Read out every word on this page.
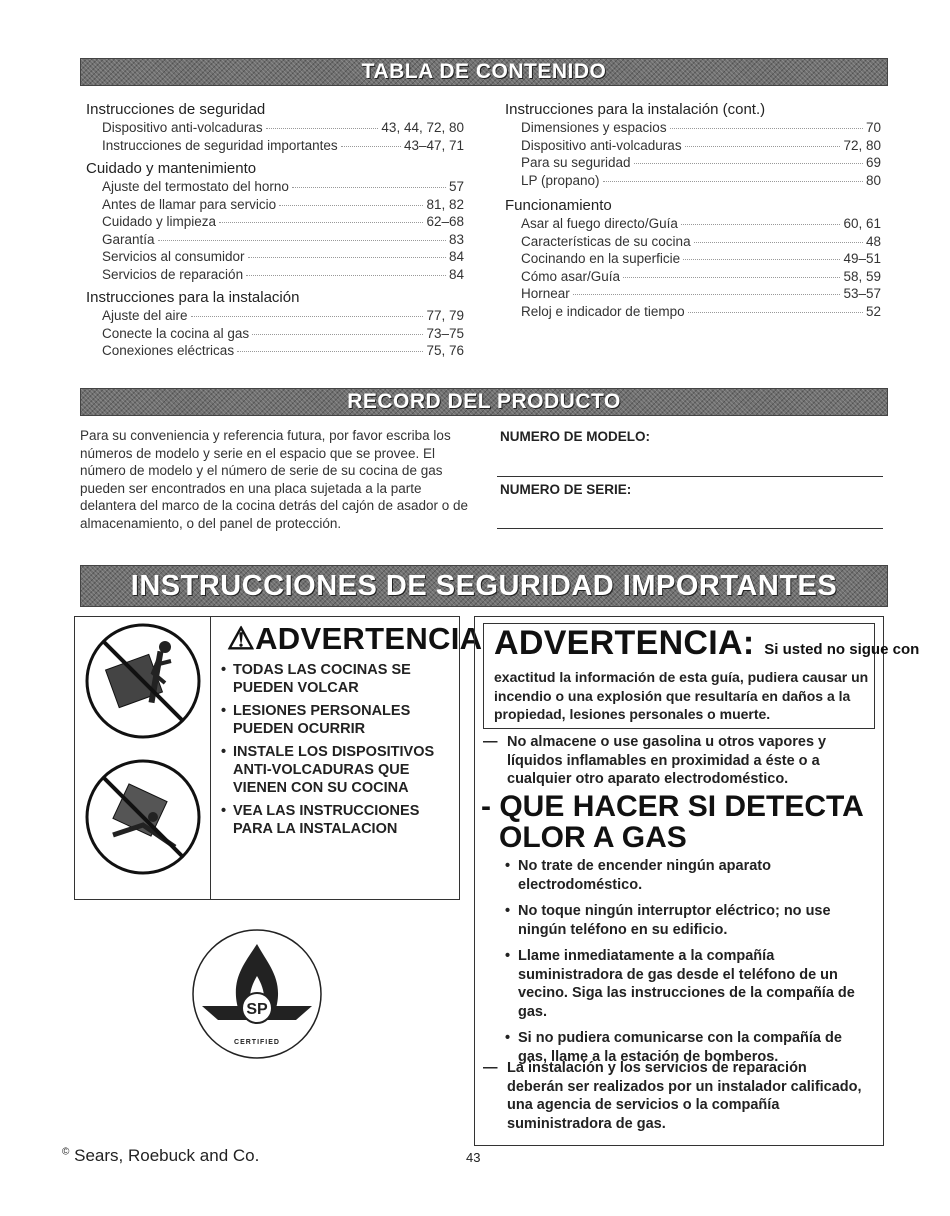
TABLA DE CONTENIDO
RECORD DEL PRODUCTO
INSTRUCCIONES DE SEGURIDAD IMPORTANTES
Instrucciones de seguridad
Dispositivo anti-volcaduras	43, 44, 72, 80
Instrucciones de seguridad importantes	43–47, 71
Cuidado y mantenimiento
Ajuste del termostato del horno	57
Antes de llamar para servicio	81, 82
Cuidado y limpieza	62–68
Garantía	83
Servicios al consumidor	84
Servicios de reparación	84
Instrucciones para la instalación
Ajuste del aire	77, 79
Conecte la cocina al gas	73–75
Conexiones eléctricas	75, 76
Instrucciones para la instalación (cont.)
Dimensiones y espacios	70
Dispositivo anti-volcaduras	72, 80
Para su seguridad	69
LP (propano)	80
Funcionamiento
Asar al fuego directo/Guía	60, 61
Características de su cocina	48
Cocinando en la superficie	49–51
Cómo asar/Guía	58, 59
Hornear	53–57
Reloj e indicador de tiempo	52
Para su conveniencia y referencia futura, por favor escriba los números de modelo y serie en el espacio que se provee. El número de modelo y el número de serie de su cocina de gas pueden ser encontrados en una placa sujetada a la parte delantera del marco de la cocina detrás del cajón de asador o de almacenamiento, o del panel de protección.
NUMERO DE MODELO:
NUMERO DE SERIE:
⚠ADVERTENCIA
• TODAS LAS COCINAS SE PUEDEN VOLCAR
• LESIONES PERSONALES PUEDEN OCURRIR
• INSTALE LOS DISPOSITIVOS ANTI-VOLCADURAS QUE VIENEN CON SU COCINA
• VEA LAS INSTRUCCIONES PARA LA INSTALACION
SP
CERTIFIED
ADVERTENCIA: Si usted no sigue con
exactitud la información de esta guía, pudiera causar un incendio o una explosión que resultaría en daños a la propiedad, lesiones personales o muerte.
— No almacene o use gasolina u otros vapores y líquidos inflamables en proximidad a éste o a cualquier otro aparato electrodoméstico.
- QUE HACER SI DETECTA
OLOR A GAS
• No trate de encender ningún aparato electrodoméstico.
• No toque ningún interruptor eléctrico; no use ningún teléfono en su edificio.
• Llame inmediatamente a la compañía suministradora de gas desde el teléfono de un vecino. Siga las instrucciones de la compañía de gas.
• Si no pudiera comunicarse con la compañía de gas, llame a la estación de bomberos.
— La instalación y los servicios de reparación deberán ser realizados por un instalador calificado, una agencia de servicios o la compañía suministradora de gas.
© Sears, Roebuck and Co.	43
